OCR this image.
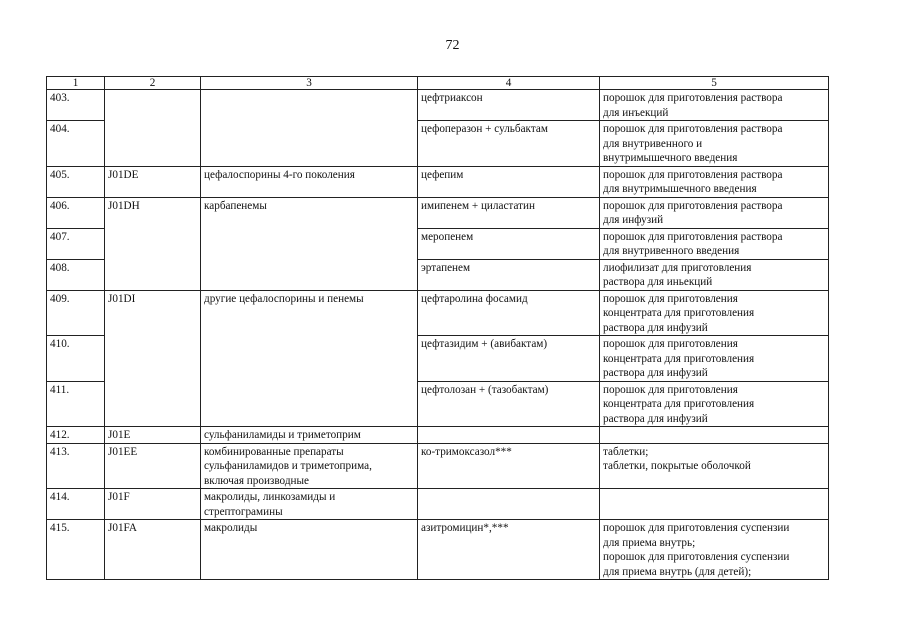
72
1	2	3	4	5
403.			цефтриаксон	порошок для приготовления раствора
для инъекций
404.			цефоперазон + сульбактам	порошок для приготовления раствора
для внутривенного и
внутримышечного введения
405.	J01DE	цефалоспорины 4-го поколения	цефепим	порошок для приготовления раствора
для внутримышечного введения
406.	J01DH	карбапенемы	имипенем + циластатин	порошок для приготовления раствора
для инфузий
407.			меропенем	порошок для приготовления раствора
для внутривенного введения
408.			эртапенем	лиофилизат для приготовления
раствора для иньекций
409.	J01DI	другие цефалоспорины и пенемы	цефтаролина фосамид	порошок для приготовления
концентрата для приготовления
раствора для инфузий
410.			цефтазидим + (авибактам)	порошок для приготовления
концентрата для приготовления
раствора для инфузий
411.			цефтолозан + (тазобактам)	порошок для приготовления
концентрата для приготовления
раствора для инфузий
412.	J01E	сульфаниламиды и триметоприм		
413.	J01EE	комбинированные препараты
сульфаниламидов и триметоприма,
включая производные	ко-тримоксазол***	таблетки;
таблетки, покрытые оболочкой
414.	J01F	макролиды, линкозамиды и
стрептограмины		
415.	J01FA	макролиды	азитромицин*,***	порошок для приготовления суспензии
для приема внутрь;
порошок для приготовления суспензии
для приема внутрь (для детей);
